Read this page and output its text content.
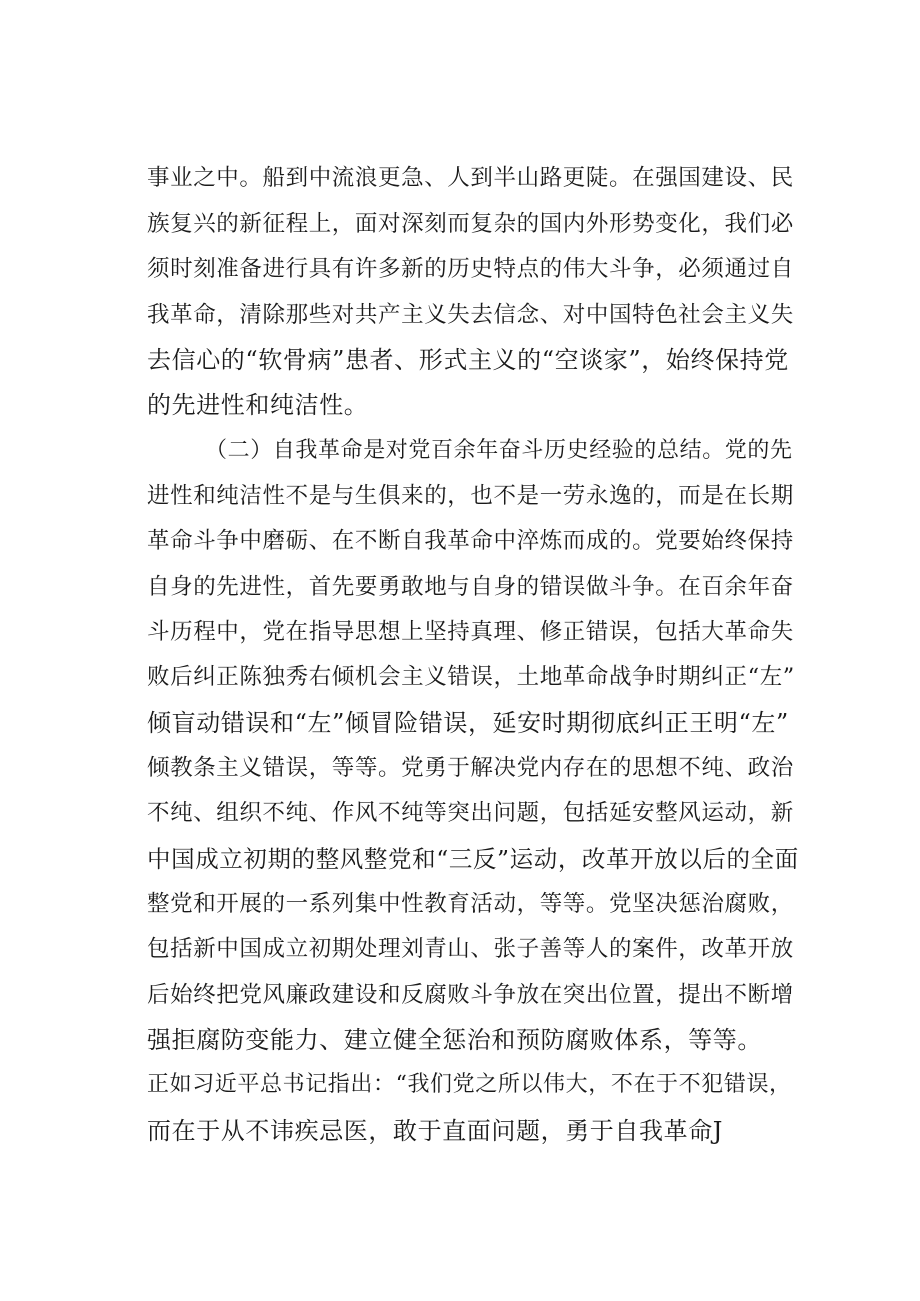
事业之中。船到中流浪更急、人到半山路更陡。在强国建设、民
族复兴的新征程上，面对深刻而复杂的国内外形势变化，我们必
须时刻准备进行具有许多新的历史特点的伟大斗争，必须通过自
我革命，清除那些对共产主义失去信念、对中国特色社会主义失
去信心的“软骨病”患者、形式主义的“空谈家”，始终保持党
的先进性和纯洁性。
（二）自我革命是对党百余年奋斗历史经验的总结。党的先
进性和纯洁性不是与生俱来的，也不是一劳永逸的，而是在长期
革命斗争中磨砺、在不断自我革命中淬炼而成的。党要始终保持
自身的先进性，首先要勇敢地与自身的错误做斗争。在百余年奋
斗历程中，党在指导思想上坚持真理、修正错误，包括大革命失
败后纠正陈独秀右倾机会主义错误，土地革命战争时期纠正“左”
倾盲动错误和“左”倾冒险错误，延安时期彻底纠正王明“左”
倾教条主义错误，等等。党勇于解决党内存在的思想不纯、政治
不纯、组织不纯、作风不纯等突出问题，包括延安整风运动，新
中国成立初期的整风整党和“三反”运动，改革开放以后的全面
整党和开展的一系列集中性教育活动，等等。党坚决惩治腐败，
包括新中国成立初期处理刘青山、张子善等人的案件，改革开放
后始终把党风廉政建设和反腐败斗争放在突出位置，提出不断增
强拒腐防变能力、建立健全惩治和预防腐败体系，等等。
正如习近平总书记指出：“我们党之所以伟大，不在于不犯错误，
而在于从不讳疾忌医，敢于直面问题，勇于自我革命J
